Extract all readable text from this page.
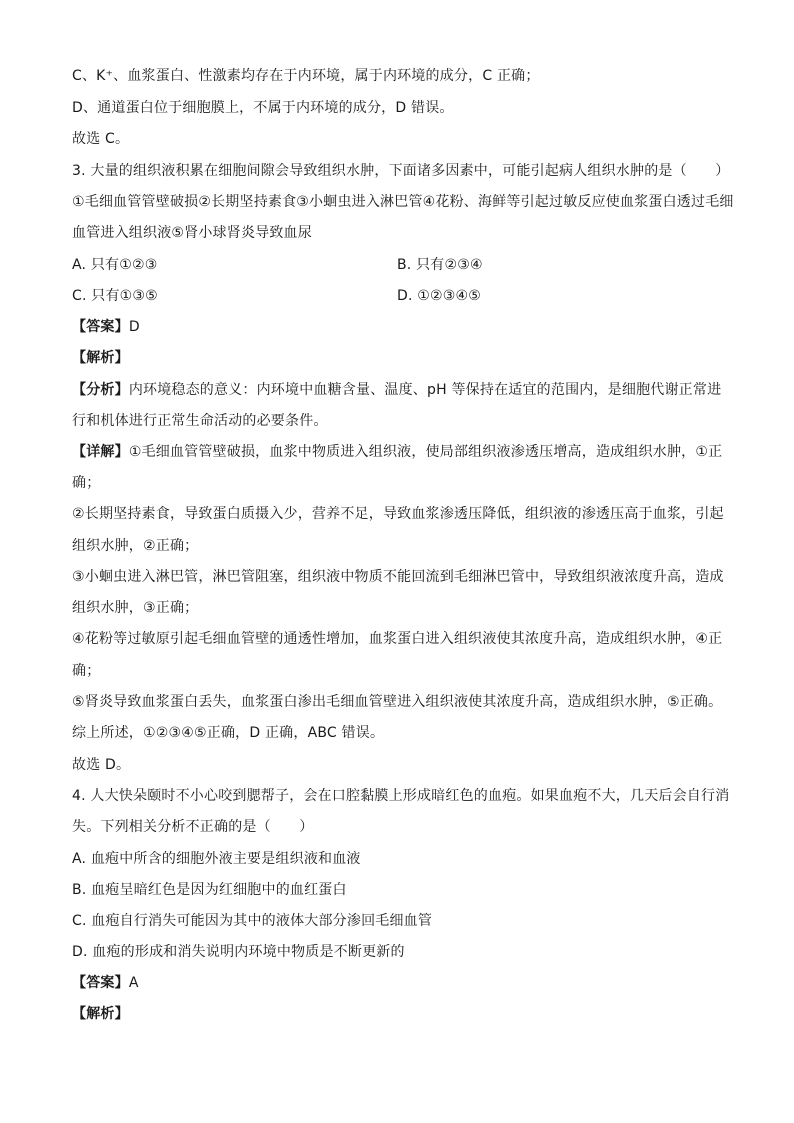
C、K⁺、血浆蛋白、性激素均存在于内环境，属于内环境的成分，C 正确；
D、通道蛋白位于细胞膜上，不属于内环境的成分，D 错误。
故选 C。
3. 大量的组织液积累在细胞间隙会导致组织水肿，下面诸多因素中，可能引起病人组织水肿的是（　　）
①毛细血管管壁破损②长期坚持素食③小蛔虫进入淋巴管④花粉、海鲜等引起过敏反应使血浆蛋白透过毛细
血管进入组织液⑤肾小球肾炎导致血尿
A. 只有①②③	B. 只有②③④
C. 只有①③⑤	D. ①②③④⑤
【答案】D
【解析】
【分析】内环境稳态的意义：内环境中血糖含量、温度、pH 等保持在适宜的范围内，是细胞代谢正常进
行和机体进行正常生命活动的必要条件。
【详解】①毛细血管管壁破损，血浆中物质进入组织液，使局部组织液渗透压增高，造成组织水肿，①正
确；
②长期坚持素食，导致蛋白质摄入少，营养不足，导致血浆渗透压降低，组织液的渗透压高于血浆，引起
组织水肿，②正确；
③小蛔虫进入淋巴管，淋巴管阻塞，组织液中物质不能回流到毛细淋巴管中，导致组织液浓度升高，造成
组织水肿，③正确；
④花粉等过敏原引起毛细血管壁的通透性增加，血浆蛋白进入组织液使其浓度升高，造成组织水肿，④正
确；
⑤肾炎导致血浆蛋白丢失，血浆蛋白渗出毛细血管壁进入组织液使其浓度升高，造成组织水肿，⑤正确。
综上所述，①②③④⑤正确，D 正确，ABC 错误。
故选 D。
4. 人大快朵颐时不小心咬到腮帮子，会在口腔黏膜上形成暗红色的血疱。如果血疱不大，几天后会自行消
失。下列相关分析不正确的是（　　）
A. 血疱中所含的细胞外液主要是组织液和血液
B. 血疱呈暗红色是因为红细胞中的血红蛋白
C. 血疱自行消失可能因为其中的液体大部分渗回毛细血管
D. 血疱的形成和消失说明内环境中物质是不断更新的
【答案】A
【解析】
